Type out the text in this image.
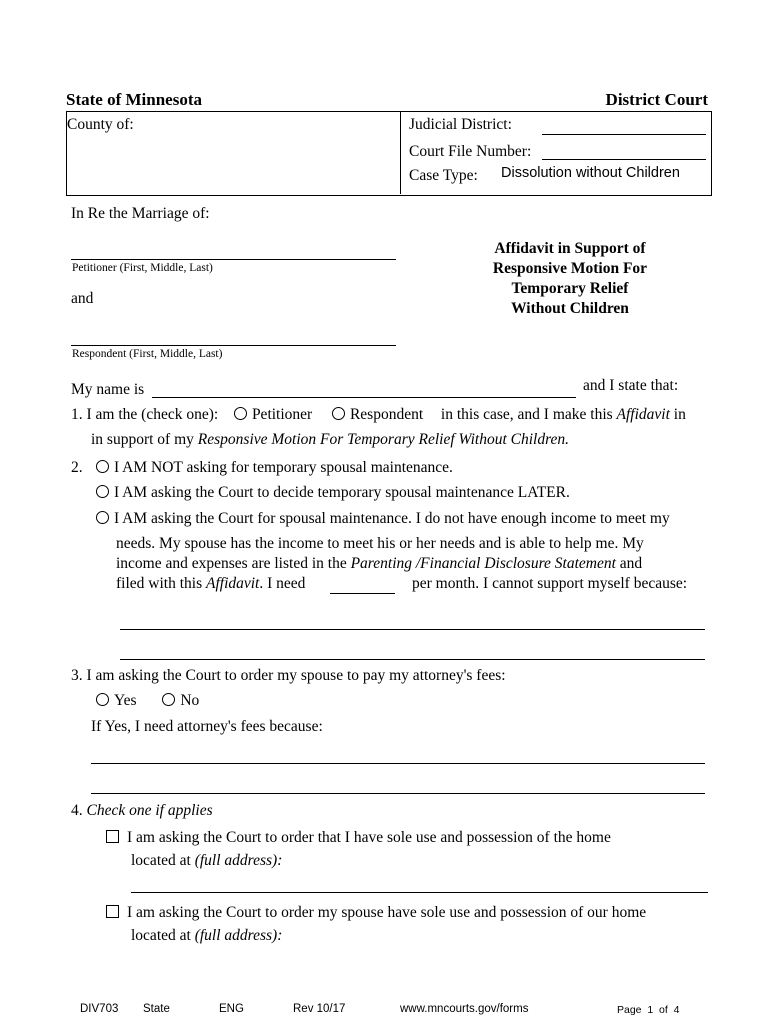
State of Minnesota	District Court
County of:	Judicial District:
Court File Number:
Case Type: Dissolution without Children
In Re the Marriage of:
Petitioner (First, Middle, Last)
and
Respondent (First, Middle, Last)
Affidavit in Support of
Responsive Motion For
Temporary Relief
Without Children
My name is	and I state that:
1. I am the (check one): Petitioner Respondent in this case, and I make this Affidavit in
in support of my Responsive Motion For Temporary Relief Without Children.
2.	I AM NOT asking for temporary spousal maintenance.
I AM asking the Court to decide temporary spousal maintenance LATER.
I AM asking the Court for spousal maintenance. I do not have enough income to meet my
needs. My spouse has the income to meet his or her needs and is able to help me. My
income and expenses are listed in the Parenting /Financial Disclosure Statement and
filed with this Affidavit. I need	per month. I cannot support myself because:
3. I am asking the Court to order my spouse to pay my attorney's fees:
Yes	No
If Yes, I need attorney's fees because:
4. Check one if applies
I am asking the Court to order that I have sole use and possession of the home
located at (full address):
I am asking the Court to order my spouse have sole use and possession of our home
located at (full address):
DIV703 State	ENG	Rev 10/17	www.mncourts.gov/forms	Page  1  of  4
